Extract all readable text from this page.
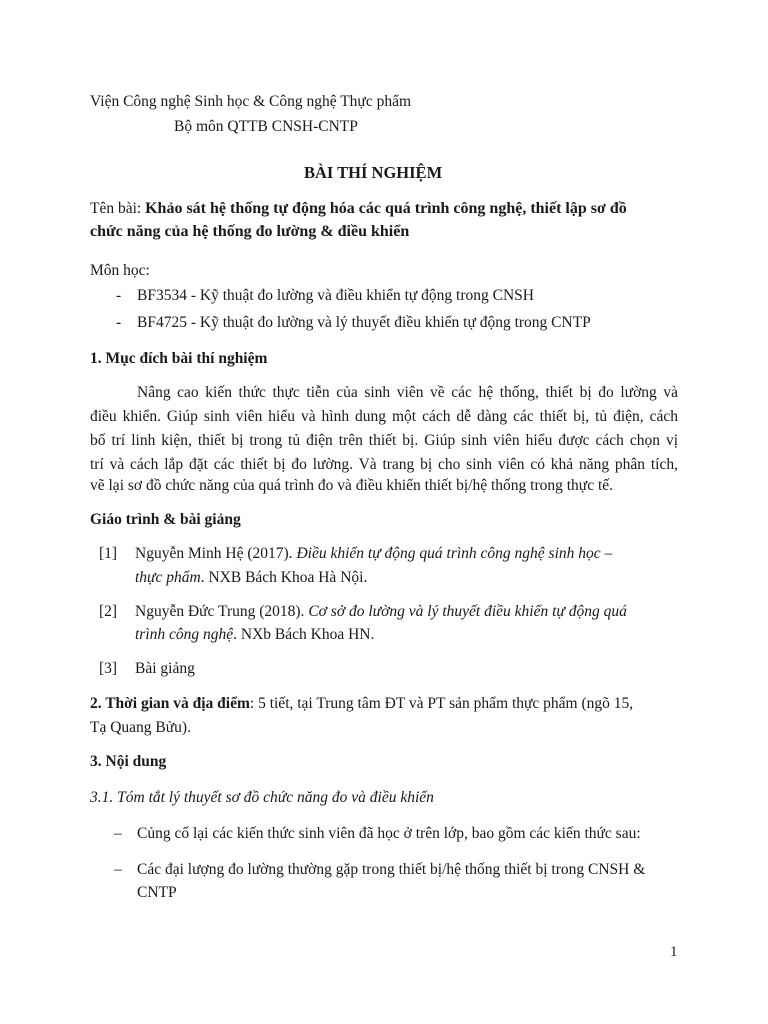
Viện Công nghệ Sinh học & Công nghệ Thực phẩm
Bộ môn QTTB CNSH-CNTP
BÀI THÍ NGHIỆM
Tên bài: Khảo sát hệ thống tự động hóa các quá trình công nghệ, thiết lập sơ đồ
chức năng của hệ thống đo lường & điều khiển
Môn học:
- BF3534 - Kỹ thuật đo lường và điều khiển tự động trong CNSH
- BF4725 - Kỹ thuật đo lường và lý thuyết điều khiển tự động trong CNTP
1. Mục đích bài thí nghiệm
Nâng cao kiến thức thực tiễn của sinh viên về các hệ thống, thiết bị đo lường và
điều khiển. Giúp sinh viên hiểu và hình dung một cách dễ dàng các thiết bị, tủ điện, cách
bố trí linh kiện, thiết bị trong tủ điện trên thiết bị. Giúp sinh viên hiểu được cách chọn vị
trí và cách lắp đặt các thiết bị đo lường. Và trang bị cho sinh viên có khả năng phân tích,
vẽ lại sơ đồ chức năng của quá trình đo và điều khiển thiết bị/hệ thống trong thực tế.
Giáo trình & bài giảng
[1] Nguyễn Minh Hệ (2017). Điều khiển tự động quá trình công nghệ sinh học –
thực phẩm. NXB Bách Khoa Hà Nội.
[2] Nguyễn Đức Trung (2018). Cơ sở đo lường và lý thuyết điều khiển tự động quá
trình công nghệ. NXb Bách Khoa HN.
[3] Bài giảng
2. Thời gian và địa điểm: 5 tiết, tại Trung tâm ĐT và PT sản phẩm thực phẩm (ngõ 15,
Tạ Quang Bửu).
3. Nội dung
3.1. Tóm tắt lý thuyết sơ đồ chức năng đo và điều khiển
– Củng cố lại các kiến thức sinh viên đã học ở trên lớp, bao gồm các kiến thức sau:
– Các đại lượng đo lường thường gặp trong thiết bị/hệ thống thiết bị trong CNSH &
CNTP
1
